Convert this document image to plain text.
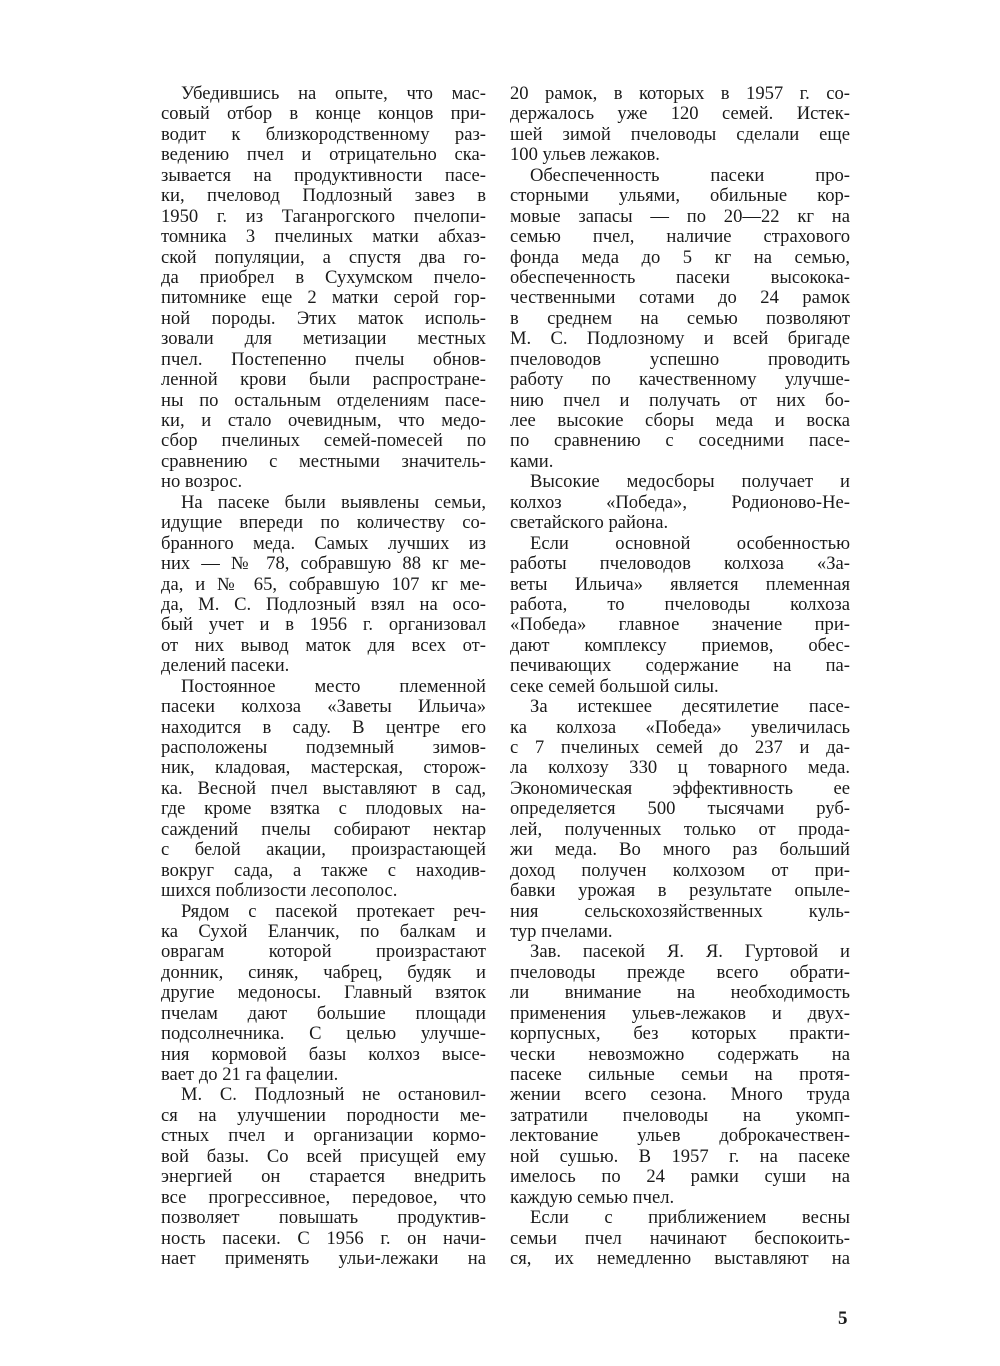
Убедившись на опыте, что мас-
совый отбор в конце концов при-
водит к близкородственному раз-
ведению пчел и отрицательно ска-
зывается на продуктивности пасе-
ки, пчеловод Подлозный завез в
1950 г. из Таганрогского пчелопи-
томника 3 пчелиных матки абхаз-
ской популяции, а спустя два го-
да приобрел в Сухумском пчело-
питомнике еще 2 матки серой гор-
ной породы. Этих маток исполь-
зовали для метизации местных
пчел. Постепенно пчелы обнов-
ленной крови были распростране-
ны по остальным отделениям пасе-
ки, и стало очевидным, что медо-
сбор пчелиных семей-помесей по
сравнению с местными значитель-
но возрос.
На пасеке были выявлены семьи,
идущие впереди по количеству со-
бранного меда. Самых лучших из
них — № 78, собравшую 88 кг ме-
да, и № 65, собравшую 107 кг ме-
да, М. С. Подлозный взял на осо-
бый учет и в 1956 г. организовал
от них вывод маток для всех от-
делений пасеки.
Постоянное место племенной
пасеки колхоза «Заветы Ильича»
находится в саду. В центре его
расположены подземный зимов-
ник, кладовая, мастерская, сторож-
ка. Весной пчел выставляют в сад,
где кроме взятка с плодовых на-
саждений пчелы собирают нектар
с белой акации, произрастающей
вокруг сада, а также с находив-
шихся поблизости лесополос.
Рядом с пасекой протекает реч-
ка Сухой Еланчик, по балкам и
оврагам которой произрастают
донник, синяк, чабрец, будяк и
другие медоносы. Главный взяток
пчелам дают большие площади
подсолнечника. С целью улучше-
ния кормовой базы колхоз высе-
вает до 21 га фацелии.
М. С. Подлозный не остановил-
ся на улучшении породности ме-
стных пчел и организации кормо-
вой базы. Со всей присущей ему
энергией он старается внедрить
все прогрессивное, передовое, что
позволяет повышать продуктив-
ность пасеки. С 1956 г. он начи-
нает применять ульи-лежаки на
20 рамок, в которых в 1957 г. со-
держалось уже 120 семей. Истек-
шей зимой пчеловоды сделали еще
100 ульев лежаков.
Обеспеченность пасеки про-
сторными ульями, обильные кор-
мовые запасы — по 20—22 кг на
семью пчел, наличие страхового
фонда меда до 5 кг на семью,
обеспеченность пасеки высокока-
чественными сотами до 24 рамок
в среднем на семью позволяют
М. С. Подлозному и всей бригаде
пчеловодов успешно проводить
работу по качественному улучше-
нию пчел и получать от них бо-
лее высокие сборы меда и воска
по сравнению с соседними пасе-
ками.
Высокие медосборы получает и
колхоз «Победа», Родионово-Не-
светайского района.
Если основной особенностью
работы пчеловодов колхоза «За-
веты Ильича» является племенная
работа, то пчеловоды колхоза
«Победа» главное значение при-
дают комплексу приемов, обес-
печивающих содержание на па-
секе семей большой силы.
За истекшее десятилетие пасе-
ка колхоза «Победа» увеличилась
с 7 пчелиных семей до 237 и да-
ла колхозу 330 ц товарного меда.
Экономическая эффективность ее
определяется 500 тысячами руб-
лей, полученных только от прода-
жи меда. Во много раз больший
доход получен колхозом от при-
бавки урожая в результате опыле-
ния сельскохозяйственных куль-
тур пчелами.
Зав. пасекой Я. Я. Гуртовой и
пчеловоды прежде всего обрати-
ли внимание на необходимость
применения ульев-лежаков и двух-
корпусных, без которых практи-
чески невозможно содержать на
пасеке сильные семьи на протя-
жении всего сезона. Много труда
затратили пчеловоды на укомп-
лектование ульев доброкачествен-
ной сушью. В 1957 г. на пасеке
имелось по 24 рамки суши на
каждую семью пчел.
Если с приближением весны
семьи пчел начинают беспокоить-
ся, их немедленно выставляют на
5
